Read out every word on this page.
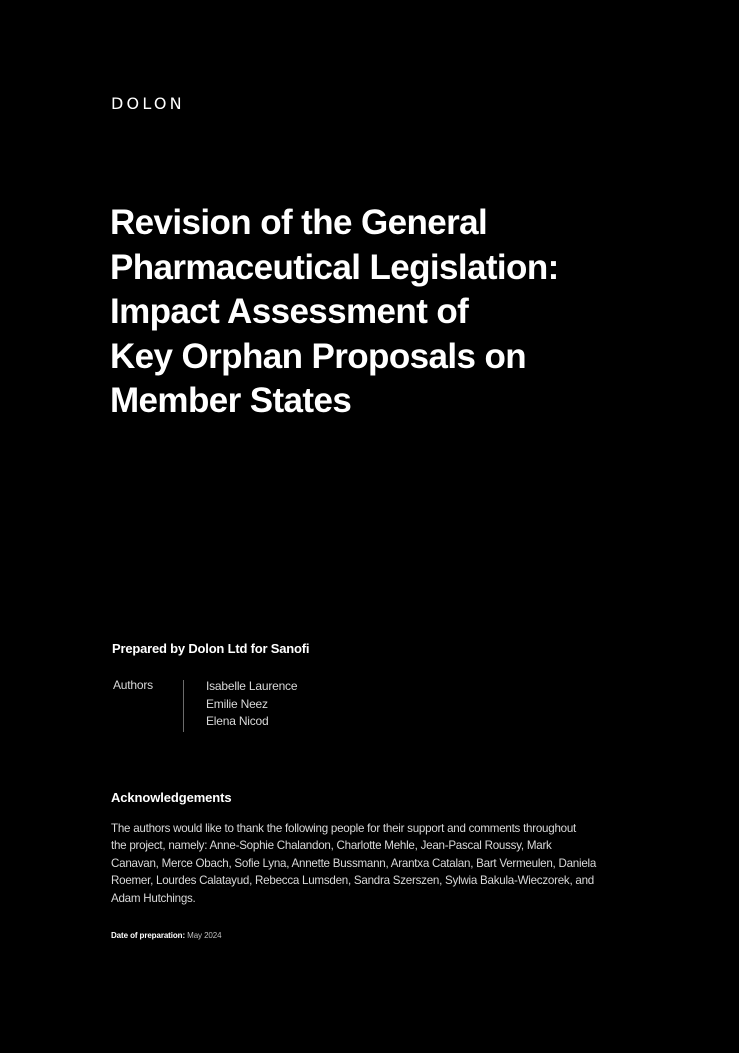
DOLON
Revision of the General
Pharmaceutical Legislation:
Impact Assessment of
Key Orphan Proposals on
Member States
Prepared by Dolon Ltd for Sanofi
Authors	Isabelle Laurence
Emilie Neez
Elena Nicod
Acknowledgements
The authors would like to thank the following people for their support and comments throughout
the project, namely: Anne-Sophie Chalandon, Charlotte Mehle, Jean-Pascal Roussy, Mark
Canavan, Merce Obach, Sofie Lyna, Annette Bussmann, Arantxa Catalan, Bart Vermeulen, Daniela
Roemer, Lourdes Calatayud, Rebecca Lumsden, Sandra Szerszen, Sylwia Bakula-Wieczorek, and
Adam Hutchings.
Date of preparation: May 2024
